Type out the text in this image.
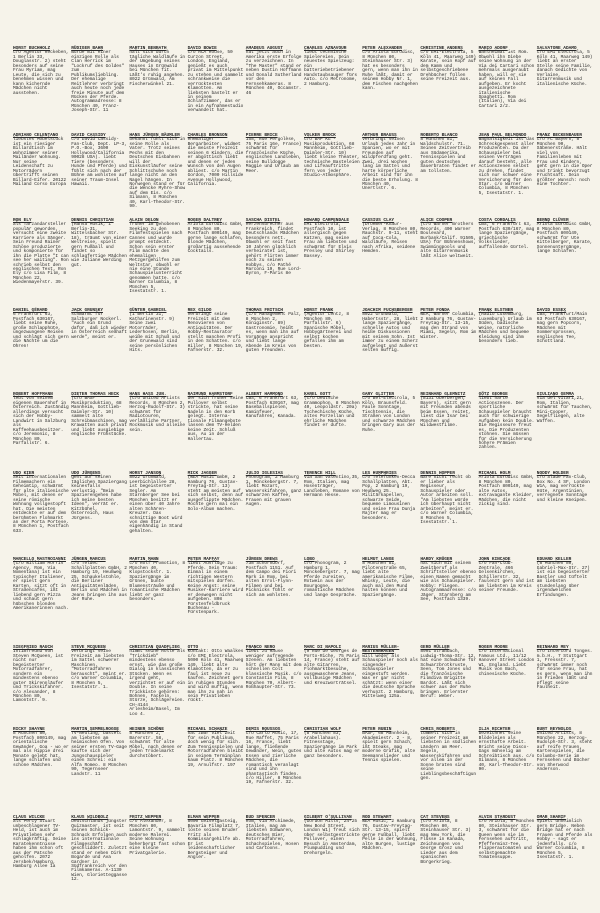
HORST BUCHHOLZ
c/o Agentur Reckeben, 1 Berlin 33, Douglasstr. 2) steht besonders auf seine Frau Myriam, mag Leute, die sich zu benehmen wissen und kann kichernde Mädchen nicht ausstehen.
RÜDIGER BAHR
wurde mit einer einzigen Rolle als Clan Herrick im "Lockruf des Goldes" zum Publikumsliebling. Der ehemalige Reitlehrer verbringt auch heute noch jede freie Minute auf dem Rücken der Pferde. Autogrammadresse: 8 München 40, Franz-Joseph-Str. 11
MARTIN BENRATH
hält sich durch tägliche Waldläufe in der Umgebung seines Hauses in Grünwald bei München fit. Läßt's ruhig angehen. 8022 Grünwald, Am Fischerwinkel 21.
DAVID BOWIE
c/o RCA House, 50 Curzon Street, London, England, genießt es auch privat im Mittelpunkt zu stehen und sammelt schrankweise die verrücktesten Klamotten. Am liebsten bastelt er in seinem Schlafzimmer, das er in ein Aufnahmestudio verwandelt hat.
AMADEUS AUGUST
hat jetzt auch in Amerika erste Erfolge zu verzeichnen. In "The Master" stand er neben Dustin Hoffmann und Donald Sutherland vor den Fernsehkameras. 8 München 40, Occamstr. 46
CHARLES AZNAVOUR
liebt technische Spielereien. Sein neuestes Spielzeug: ein batteriebetriebener Handstaubsauger fürs Auto. c/o Metronome, 2 Hamburg.
PETER ALEXANDER
c/o Ariola Eurodisc, 8 München 80, Steinhauser Str. 3) hat es besonders gern, wenn man ihn in Ruhe läßt, damit er seinem Hobby Nr. 1, dem Fischen nachgehen kann.
CHRISTINE ANDERS
c/o EMI-Electrola, 5 Köln 41, Maarweg 149) Karate, sein Kopf auf dem Kamm und selbstgeschriebene Drehbücher füllen seine Freizeit aus.
MARIO ADORF
Wahlheimat ist Rom. Obwohl ihn Diebe seine Wohnung in der Via dei Cartari schon mehrmals ausgeraubt haben, will er sie auf keinen Fall aufgeben. Er kocht ausgezeichnete italienische Spaghetti. Rom (Italien), Via dei Cartari 2/2.
SALVATORE ADAMO
c/o EMI Electrola, 5 Köln 41, Maarweg 149) liebt an erster Stelle seine Familie, danach Gedichte von Verlaine, Gitarrenmusik und italienische Küche.
ADRIANO CELENTANO
liebstes Möbelstück ist ein riesiger Billardtisch im Wohnzimmer seiner Mailänder Wohnung. Nur seine Leidenschaft zu Motorrädern übertrifft seinen Billard-Eifer. 20122 Mailand Corso Europa
DAVID CASSIDY
c/o David Cassidy-Fan-Club, Dept. LP-3, P.O.-Box, 3600 Hollywood/California 90028 USA). liebt Tiere (besonders Hunde und Pferde) und fühlt sich nach der Bühne am wohlsten auf seiner Traum-Insel Hawaii.
HANS JÜRGEN BÄUMLER
bekannt fühlt sich in seine Rolle als Vater. Trotz seines Pechs mit den Deutschen Eisbahnen will der Eiskunstläufer seine Schlittschuhe noch lange nicht an den Nagel hängen. In Norwegen stand er für die Wencke Myhre-Show auf dem Eis. c/o Silmann, 8 München 40, Karl-Theodor-Str. 90.
CHARLES BRONSON
ehemaliger Bergarbeiter, widmet die meiste Freizeit seinen 6 Kindern, die er abgöttisch liebt und denen er jeden Wunsch von den Augen abliest. c/o Martin Gordon, 7000 Hillside Avenue Hollywood, California.
PIERRE BRICE
158, Rue Pergolèse, 75 Paris 16e, France) schwärmt für französische Küche, englischen Landleben, seine Bulldogge Maggie und Urlaub am Meer.
VOLKER BROCK
c/o BAP KG - Musikproduktion, 68 Mannheim, Gottlieb-Daimler-Str. 10) liebt kleine Theater, technische Basteleien und Lifeauftritte fern von jeder Studio-Atmosphäre.
ARTHUR BRAUSS
verbringt seinen Urlaub jedes Jahr in Spanien, wo er mit Freunden auf Wildpferdfang geht. Zwei, drei Wochen lang im Sattel und harte körperliche Arbeit sind für ihn die beste Erholung. 8 München 40, Unertlstr. 6.
ROBERTO BLANCO
8 München 81, Waldschulstr. 71. Seinen Zeitvertreib aus Südamerika, Tennisspielen und guten deutschen Sauerbraten findet er am tollsten.
JEAN PAUL BELMONDO
Waghalsigkeit ist das Schreckgespenst aller Produzenten. Da der Schauspieler bei seinen Verträgen darauf besteht, alle Actionszenen selbst zu drehen, findet sich nur schwer eine Versicherung für den Star. c/o Warner Columbia, 8 München 5, Isestatstr. 1.
FRANZ BECKENBAUER
c/o FC Bayern, 8 München 90, Säbenerstraße. Hält viel von Familienleben mit Frau und Kindern, geht gern in die Oper und trinkt bevorzugt Fruchtsaft. Sein größter Wunsch: noch eine Tochter.
RON ELY
als Tarzandarsteller populär geworden, versucht eine zweite Karriere als Sänger. Sein Freund Rainer Schöne produzierte und komponierte für ihn die Platte "I can see her waiting". Ron schrieb selbst den englischen Text. Ron Ely c/o Lisa Film, 8 München 22, Wiedenmayerstr. 39.
DENNIS CHRISTIAN
(Hansa Musik, 1 Berlin-31, Wittelsbacher Str. 18), träumt von einer Weltreise, spielt gern Fußball und findet so schlagfertige Mädchen wie Juliane Werding gut.
ALAIN DELON
früher im gehobenen Seeking zu den Filmfestspielen nach Cannes und wurde prompt entdeckt. Schon sein erster Film machte den ehemaligen Metzgergehilfen zum Weltstar, obwohl er nie eine Stunde Schauspielunterricht genommen hatte. c/o Warner Columbia, 8 München 5, Isestatstr. 1.
ROGER DALTREY
Ariola Eurodisc GmbH, 8 München 80, Postfach 800149, mag gerne lange schlafen, blonde Mädchen, großartig aussehende Cocktails.
SASCHA DISTEL
Herzensbrecher aus Frankreich, findet Deutschlands Mädchen besonders nett. Obwohl er seit fast 10 Jahren glücklich verheiratet ist, gehört Flirten immer noch zu seinen Hobbys. c/o Pathé Marconi 19, Rue Lord-Byron, F-Paris 8e
HOWARD CARPENDALE
EMI Electrola, Postfach 10, ist allergisch gegen Katzen, mag seine Frau am liebsten und schwärmt für Elvis Presley und Shirley Bassey.
CASSIUS CLAY
(Droemer-Knaur-Verlag, 8 München 80, Rauchstr. 9-11, steht auf Coca-Cola, Waldläufe, Reisen nach Afrika, seidene Hemden.
ALICE COOPER
(c/o Warner Brothers Records, 400 Warner Boulevard, Burbank/Calif. 91505, USA) für Bühnenshows, Swimmingpools und alte Gitarrenmusik läßt Alice weltweit.
COSTA CORDALIS
CBS, 6 Frankfurt 63, Postfach 630/167, mag lange Spaziergänge, griechische Volkslieder, auffallende Gürtel.
BERND CLÜVER
Ariola Eurodisc GmbH, 8 München 80, Postfach 800149, schwärmt für Ute Kittelberger, Karate, Sonnenuntergänge, lange Schlafen.
DANIEL GÉRARD
6 Frankfurt 63, Postfach 630167, liebt seine Ruhe, große Schlapphüte, ungezwungene Reisen und schlägt sich gern die Nächte um die Ohren!
JACK GRUNSKY
schwärmt für Salzburger Nockerl. "Auch ein Grund dafür, daß ich wieder in Österreich seßhaft werde", meint er.
GÜNTER GABRIEL
(1 Berlin 31, Katharinenstr. 9) Seine zwei Motorräder, Lederhosen, Berlin, weiße mit Schuß und der Grunewald sind seine persönlichen Hits.
REX GILDO
verbringt seine Freizeit mit dem Renovieren von Antiquitäten. Der Hobby-Restaurator stellt manchen Profi in den Schatten. c/o Hiller, 8 München 19, Fafnerstr. 32.
THOMAS FRITSCH
(c/o Management Palz, 8 München 2, Königinstr. 89) Gastronomie, heißt es, wenn man ihn auf Vorgänge anspricht und liebt lange Abende im Kreis von guten Freunden.
HORST FRANK
(Agentur Lentz, 8 München 80, Parfallstr. 6) Spanische Möbel, Hobbygärtnerei und selbst kochen gefallen ihm am besten.
JOACHIM FUCHSBERGER
8022 Grünwald, Habertsstr. 28, liebt lange Spaziergänge, schnelle Autos und heiße Diskussionen mit seinem Sohn. Ist immer zu einem Scherz aufgelegt und äußerst selten muffig.
PETER FONDA
WEA, Warner Columbia, 2 Hamburg 76, Gustav-Freytag-Str. 13-15, mag den Strand von Miami, Segeln, Rom im Winter.
FRANK ELSTNER
(Radio Luxemburg, Luxemburg) Urlaub im Süden, badische Weine, natürliche Mädchen und bequeme Kleidung sind ihm besonders lieb.
DAVID ESSEX
CBS, Frankfurt/Main 63 Postfach 630167, mag gern Popcorn, Mädchen mit Sommersprossen, englischen Tee, Schottland.
ROBERT HOFFMANN
lebt von seinem eigenen Bauernhof in Österreich. Zuständig allerdings versucht sich der Hobby-Landwirt in Salzburg als Kaffeehausbesitzer. c/o Jeremonic, 8 München 80, Parfallstr. 6.
DIETER THOMAS HECK
(c/o BASF Musikproduktion, 68 Mannheim, Gottlieb-Daimler-Str. 10) sammelt alte Schreibmaschinen, mag Krawatten auch privat und liebt ausgiebige englische Frühstücke.
HANS HASS JUN.
(c/o United Artists Records, 8 München 2, Herzog-Rudolf-Str. 3) schwärmt für Radiotouren, verläßliche Partner, Rockmusik und alleine sein.
RAIMUND HARMSTORF
der sich früher seine Pullover selbst strickte, hat seine Nadeln in den Korb gelegt. Internationale Filmangebote lassen dem TV-Helden keine Zeit. Schluß aus, Au in der Hallertau.
ALBERT HAMMOND
CBS, 6 Frankfurt 63, Postfach 630167, mag Baseballspielen, Kaminfeuer, Kanufahren, Kanada.
KAREL GOTT
(c/o Deutsche Grammophon, 8 München 40, Leopoldstr. 20a) Tschechische Küche, altes Porzellan und ehrliche Mädchen findet er dufte.
GARY GLITTER
c/o Bel-Electrola, 5 Köln, Braunsfeld. Faule Sonntage, Tischtennis, die Straßen von London und schwarze Mädchen bringen Gary aus der Ruhe.
REINHARD GLEMNITZ
(8131 Oberbergen, Bayern), sitzt gern mit Freunden abends beim Essen, reitet, liest die Isar bei München und Wildwestfilme.
GÖTZ GEORGE
liebt harte Actionszenen. Der sportliche Schauspieler braucht auch für schwierige Aufgaben kein Double. Die Regisseure freut es. Die Produzenten stöhnen. Sie müssen für die Versicherung höhere Prämien zahlen.
GIULIANO GEMMA
Via del Vitari,21, Rom, Italien, schwärmt für Tauchen, Mini-Cooper, Segelfliegen, alte Waffen.
UDO KIER
Seit internationalen Filmemachern ein Geheimtip, schwärmt für alte italienische Möbel, mit denen er seine römische Wohnung vollgestopft hat. Die meisten entdeckte er auf dem berühmten Flohmarkt an der Porta Portese. 8 München 1, Postfach 633.
UDO JÜRGENS
geht auf seinen täglichen Spaziergang keinesfalls verlustig. "Beim Spazierengehen habe ich meine besten Ideen", verrät er. Kitzbühel, Österreich, Haus Jürgens.
HORST JANSON
8022 Grünwald, Leerbichlallee 28, ist begeisterter Segler. Am Starnberger See bei München besitzt er einen über 40 Jahre alten Schären-Kreuzer. Das schnittige Boot wird von dem Star eigenhändig in Stand gehalten.
MICK JAGGER
(WEA Music GmbH, 2 Hamburg 76, Gustav-Freytag-Str. 13) steht am meisten auf sich selbst, denn auf ausgeflippte Mädchen. Möchte gern mal ein Solo-Album machen.
JULIO IGLESIAS
Phonogram, 2 Hamburg 1, Mönckebergstr. 7, liebt Mozart, Wasserskifahren, ganz schwarzen Kaffee, Frauen mit grauen Augen.
TERENCE HILL
Via San Valentino,35, Rom, Italien, mag Hosenträger, Landleben, Romane von Hermann Hesse.
LES HUMPHRIES
c/o Telefunken-Decca Schallplatten, Abt. Pop, 2 Hamburg 19, Heußweg 25. Militärkapellen, schwarze Seide, bequeme Limousinen und seine Frau Dunja Rajter mag er besonders.
DENNIS HOPPER
wäre nicht recht ob er lieber als Regisseur, Schauspieler oder Autor arbeiten soll. "Am liebsten würde ich überhaupt nicht arbeiten", meint er. c/o Warner Columbia, 8 München 5, Isestatstr. 1.
MICHAEL HOLM
Ariola Eurodisc GmbH, 8 München 80, Postfach 800149, mag alte Autos, extravagante Kleider, Mädchen, die nicht zickig sind.
NODDY HOLDER
c/o Slade Fan-Club, Box No. 4 SF, London W1A, mag verrückte Hüte, Argentinien, verregnete Sonntage und kleine Kneipen.
MARCELLO MASTROIANNI
(c/o William Morris Agency, Rom, Via Nomentana) ist ein typischer Italiener, er spielt gern Karten, sitzt oft in Straßencafés, ißt liebend gern Pizza und schaut gern hübschen blonden Amerikanerinnen nach.
JÜRGEN MARCUS
c/o Teldec Schallplatten GmbH, 2 Hamburg 19, Heußweg 25, Schaukelstühle, die Berliner Antiquitätenläden, Berlin und Mädchen in Jeans bringen ihn aus der Ruhe.
MARTIN MANN
c/o Rolf Promotion, 8 München 40, Klopstockstr. 1. Spaziergänge im Grünen, bunte Blumensträuße und romantische Mädchen liebt er ganz besonders.
PETER MAFFAY
liebt Ausflüge zu Pferde. Sein Traum: Einmal in einem richtigen Western mitspielen dürfen. Keine Angst: seine Musiker-Karriere wird er deswegen nicht aufgeben. 808 Fürstenfeldbruck Buchenau - Fürstenpark.
JÜRGEN DREWS
738 Schorndorf, Postfach 1151. Auf dem Campo dei Fiori Mark in Rom, bei alten Errol-Flynn-Filmen und bei Picknicks fühlt er sich am wohlsten.
LOBO
c/o Phonogram, 2 Hamburg 1, Mönckebergstr. 7, mag Pferde zureiten, Rotwein aus der Bourgogne, romantische Mädchen und lange Gespräche.
HELMUT LANGE
8 München 81, Pilotenstraße 65, liebt alte amerikanische Filme, Whisky, Leute, die auch mal den Mund halten können und Spaziergänge.
HARDY KRÜGER
hat sich mit seinem Zweitberuf als Schriftsteller ebenso einen Namen gemacht wie als Schauspieler. Hobby: Fliegen. Autogrammadresse: c/o Jäger, Starnberg am See, Postfach 1339.
JOHN KINCADE
c/o Fan-Club-Zentrale, 466 Gelsenkirchen, Schillerstr. 32, faulenzt gern und ist am liebsten im Kreis seiner Freunde.
EDUARD KELLER
(8 München 80, Gabriel-Max-Str. 27) ist ein begeisterter Bastler und tüftelt am liebsten stundenlang über irgendwelchen Erfindungen.
SIEGFRIED RAUCH
Intimfreund von Steven McQueen, ist nicht nur begeisterter Motorradfahrer, sondern ein mindestens ebenso guter Skirennläufer und Trickskifahrer. c/o Alexander, 8 München 80, Lamontstr. 9.
STEVE MCQUEEN
verbringt seine Freizeit am liebsten im Sattel schwerer Maschinen. "Motorradfahren berauscht", meint er. c/o Warner Columbia, 8 München 5, Isestatstr. 1.
CHRISTIAN QUADFLIEG
nimmt seine Rolle als "Trickdieb" mindestens ebenso ernst, wie das große Dialog in klassischen Stücken. Wenn es irgend geht, verzichtet er auf ein Double. In seine Trickkiste gehören: Bohnen, Fackeln, Stürze, Schlägereien. CH-4144 Arlesheim/Basel, Im Loo 4.
OTTO
Kontakt: Otto Waalkes c/o EMI Electrola, 5000 Köln 41, Maarweg 149, liebt alte Klamotten, da er zu faul ist neue zu kaufen. Zeichnet gern in ruhigen Stunden und wird muffig, wenn man ihn zu nah in sein Privatleben rückt.
FRANCO NERO
liebt zu Hause weniger aufregende Szenen. Am liebsten hört der Mann mit dem schnellen Colt klassische Musik. c/o Constantin Film, 8 München 70, Albert-Roßhaupter-Str. 73.
MARC DI NAPOLI
(9 Rue de Georges de Porto-Riche, 75 Paris 14, France) steht auf alte Gitarren, Flohmarktbesuche, ausgewaschene Jeans, vollbusige Mädchen und Kreuzworträtsel.
MARIUS MÜLLER-WESTERNHAGEN
will weder als Schauspieler noch als singender Schauspieler eingestuft werden. Was er gar nicht schätzt: wenn einer die deutsche Sprache verhunzt. 2 Hamburg, Mittelweg 125a.
GERD MÜLLER
8901 Straßbach, Ludwig-Thoma-Str. 12, hat eine Schwäche für Schwarzbrotkruste, Seen, Tom Jones und die französische Filmdiva Brigitte Bardot. Läßt sich schwer aus der Ruhe bringen. Erlernter Beruf: Weber.
ROGER MOORE
c/o International Famous Ltd., 11/12 Hanover Street London W1, England. Liebt Musik von Bach, chinesische Küche.
REINHARD MEY
c/o Intercord Tonges. m.b.H., 7 Stuttgart 1, Fressstr. 7, schwärmt immer noch für seine Frau, hat es gern, wenn man ihn in Frieden läßt und pflegt seine Faulheit.
RICKY SHAYNE
8 München 80, Postfach 800149, mag orientalische Gewänder, Goa - wo er mal als Hippie drei Monate gelebt hat, lange schlafen und schöne Mädchen.
MARTIN SEMMELROGGE
TV-Neuling, bastelt am liebsten am heimischen Ofen. Von seiner ersten TV-Gage kaufte sich der Jungschauspieler einen Schrei: ein Alfa Romeo. 8 München 90, Tegernseer Landstr. 11
HEINER SCHÖNE
8 München 2, Barerstr. 58, schwärmt für alte Möbel, nach denen er jeden Trödelmarkt durchstöbert.
MICHAEL SCHANZE
hat zwar viel Zeit für sein Publikum, doch wenig für sich. Zum Tennisspielen und Motorradfahren bleibt in seinem Terminplan kaum Platz. 8 München 19, Arnulfstr. 197
DEMIS ROUSSOS
c/o Carlo Music, 17, Rue Raffet, 75 Paris 16, France, liebt lange, fließende Gewänder, Wein, gutes Essen und zierliche Mädchen, die romantisch veranlagt sind und ihn phantastisch finden. c/o Hiller, 8 München 19, Fafnerstr. 32.
CHRISTIAN WOLF
(8 München 83, Arabellahaus). Fitnesstage, Spaziergänge im Park und alte Autos mag er ganz besonders.
PETER RUBIN
BASF, 68 Mannheim, Akademiestr. 2 - 8, spielt gern Schach, ißt Steaks, mag moderne Grafik, alte Seemannslieder und Tennis spielen.
CHRIS ROBERTS
tummelt sich in seiner Freizeit am liebsten in südlichen Ländern am Meer. Segeln, Wasserskifahren und vor allem in der Sonne braten sind seine Lieblingsbeschäftigungen.
ILJA RICHTER
bezeichnet seine Blödeleien als ernsthafte Arbeit. Bricht seine Disco-Gags mühselig am Schreibtisch aus. c/o Silmann, 8 München 40, Karl-Theodor-Str. 90.
BURT REYNOLDS
United Artists, 8 München 22, Herzog-Rudolph-Str. 3, steht auf reife Frauen, Kartenspielen, die Columbo-Serie im Fernsehen und Bücher von Sherwood Anderson.
CLAUS WILCKE
als Percy Stuart unbeschlagener TV-Held, ist auch im Privatleben sehr schlagkräftig. Seine Karatekenntnisse haben ihm schon oft aus der Patsche geholfen. 2072 Jersbek/Hamburg, Hamburg Allee 1a
KLAUS WILDBOLZ
Deutschlands jüngster Quizmaster, ist seit seinen Schnick-Schnack Erfolgen auch ins internationale Filmgeschäft geschliddert. Zuletzt stand er neben Dirk Bogarde und Ava Gardner in Südfrankreich vor den Filmkameras. A-1130 Wien, Glorietteggasse 12.
FRITZ WEPPER
c/o Alexander, 8 München 80, Lamontstr. 9, sammelt moderne Malerei. Seine Wohnung beherbergt fast schon eine kleine Privatgalerie.
ELMAR WEPPER
8000 Geiselgasteig, Bavaria Filmplatz 7, löste seinen Bruder Fritz als Kommissargehilfe ab. Er ist leidenschaftlicher Bergsteiger und Angler.
BUD SPENCER
Rom, Via Archimede, Italien, mag am liebsten Süßwaren, deutsches Bier, Motorradfahren, Schachspielen, Hosen und Cartoons.
GILBERT O'SULLIVAN
(Gordon Mills, 24-25 New Bond Street, London W1) freut sich über selbstgestrickte Pullover, einen Besuch in Amsterdam, Plumpudding und Drehorgeln.
ROD STEWART
WEA Music, 2 Hamburg 76, Gustav-Freytag-Str. 13-15, spielt gerne Fußball, liebt Pelle in der Wohnung, alte Burgen, lustige Mädchen.
CAT STEVENS
(c/o Ariola, 8 München 80, Steinhauser Str. 3) mag New York, die Flüsse in Kanada, Zeichnungen von George Grosz und Lieder aus dem spanischen Bürgerkrieg.
ALVIN STARDUST
c/o Ariola, 8 München 80, Steinhauser Str. 3, schwärmt für die Queen wenn sie im Fernsehen auftritt, Pfefferminz-Tee, Flipperautomaten und selbstgemachte Tomatensuppe.
OMAR SHARIF
spielt unheimlich gern Bridge. Neben Bridge hat er nach Frauen und Pferde als Hobby - sagt er jedenfalls. c/o Warner Columbia, 8 München 5, Isestatstr. 1.
